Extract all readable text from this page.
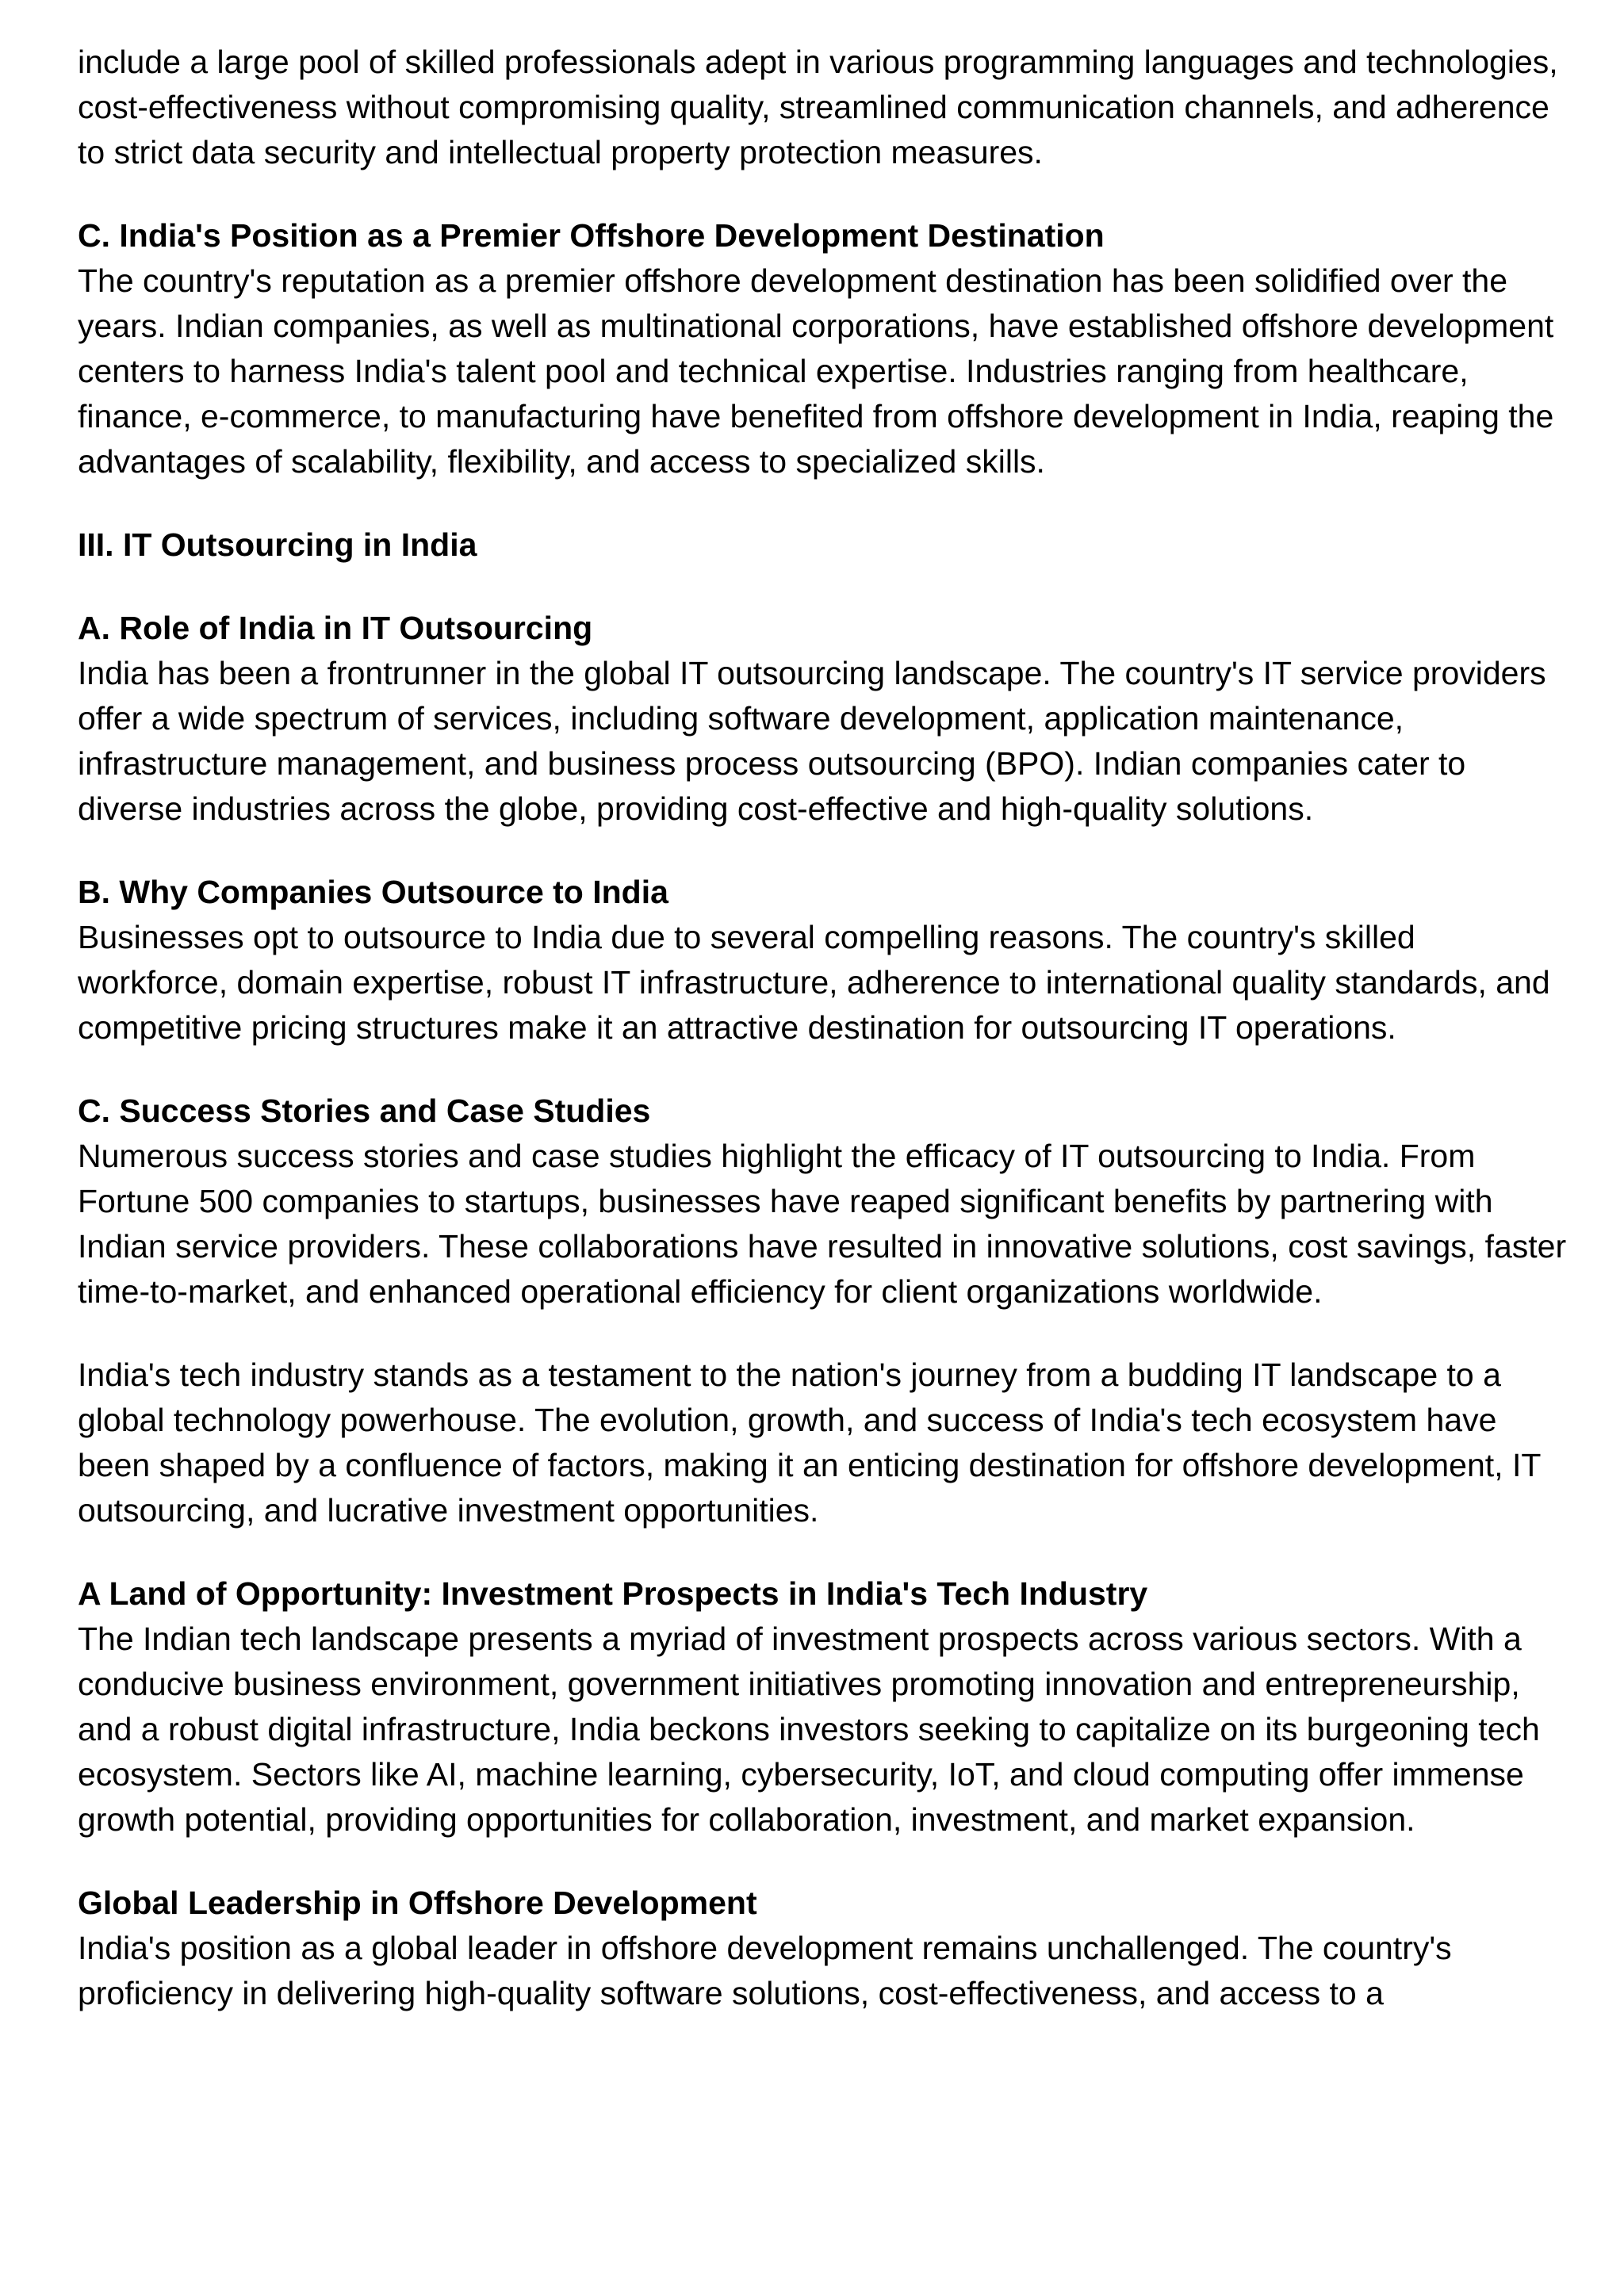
include a large pool of skilled professionals adept in various programming languages and technologies, cost-effectiveness without compromising quality, streamlined communication channels, and adherence to strict data security and intellectual property protection measures.

C. India's Position as a Premier Offshore Development Destination

The country's reputation as a premier offshore development destination has been solidified over the years. Indian companies, as well as multinational corporations, have established offshore development centers to harness India's talent pool and technical expertise. Industries ranging from healthcare, finance, e-commerce, to manufacturing have benefited from offshore development in India, reaping the advantages of scalability, flexibility, and access to specialized skills.

III. IT Outsourcing in India

A. Role of India in IT Outsourcing

India has been a frontrunner in the global IT outsourcing landscape. The country's IT service providers offer a wide spectrum of services, including software development, application maintenance, infrastructure management, and business process outsourcing (BPO). Indian companies cater to diverse industries across the globe, providing cost-effective and high-quality solutions.

B. Why Companies Outsource to India

Businesses opt to outsource to India due to several compelling reasons. The country's skilled workforce, domain expertise, robust IT infrastructure, adherence to international quality standards, and competitive pricing structures make it an attractive destination for outsourcing IT operations.

C. Success Stories and Case Studies

Numerous success stories and case studies highlight the efficacy of IT outsourcing to India. From Fortune 500 companies to startups, businesses have reaped significant benefits by partnering with Indian service providers. These collaborations have resulted in innovative solutions, cost savings, faster time-to-market, and enhanced operational efficiency for client organizations worldwide.

India's tech industry stands as a testament to the nation's journey from a budding IT landscape to a global technology powerhouse. The evolution, growth, and success of India's tech ecosystem have been shaped by a confluence of factors, making it an enticing destination for offshore development, IT outsourcing, and lucrative investment opportunities.

A Land of Opportunity: Investment Prospects in India's Tech Industry

The Indian tech landscape presents a myriad of investment prospects across various sectors. With a conducive business environment, government initiatives promoting innovation and entrepreneurship, and a robust digital infrastructure, India beckons investors seeking to capitalize on its burgeoning tech ecosystem. Sectors like AI, machine learning, cybersecurity, IoT, and cloud computing offer immense growth potential, providing opportunities for collaboration, investment, and market expansion.

Global Leadership in Offshore Development

India's position as a global leader in offshore development remains unchallenged. The country's proficiency in delivering high-quality software solutions, cost-effectiveness, and access to a
